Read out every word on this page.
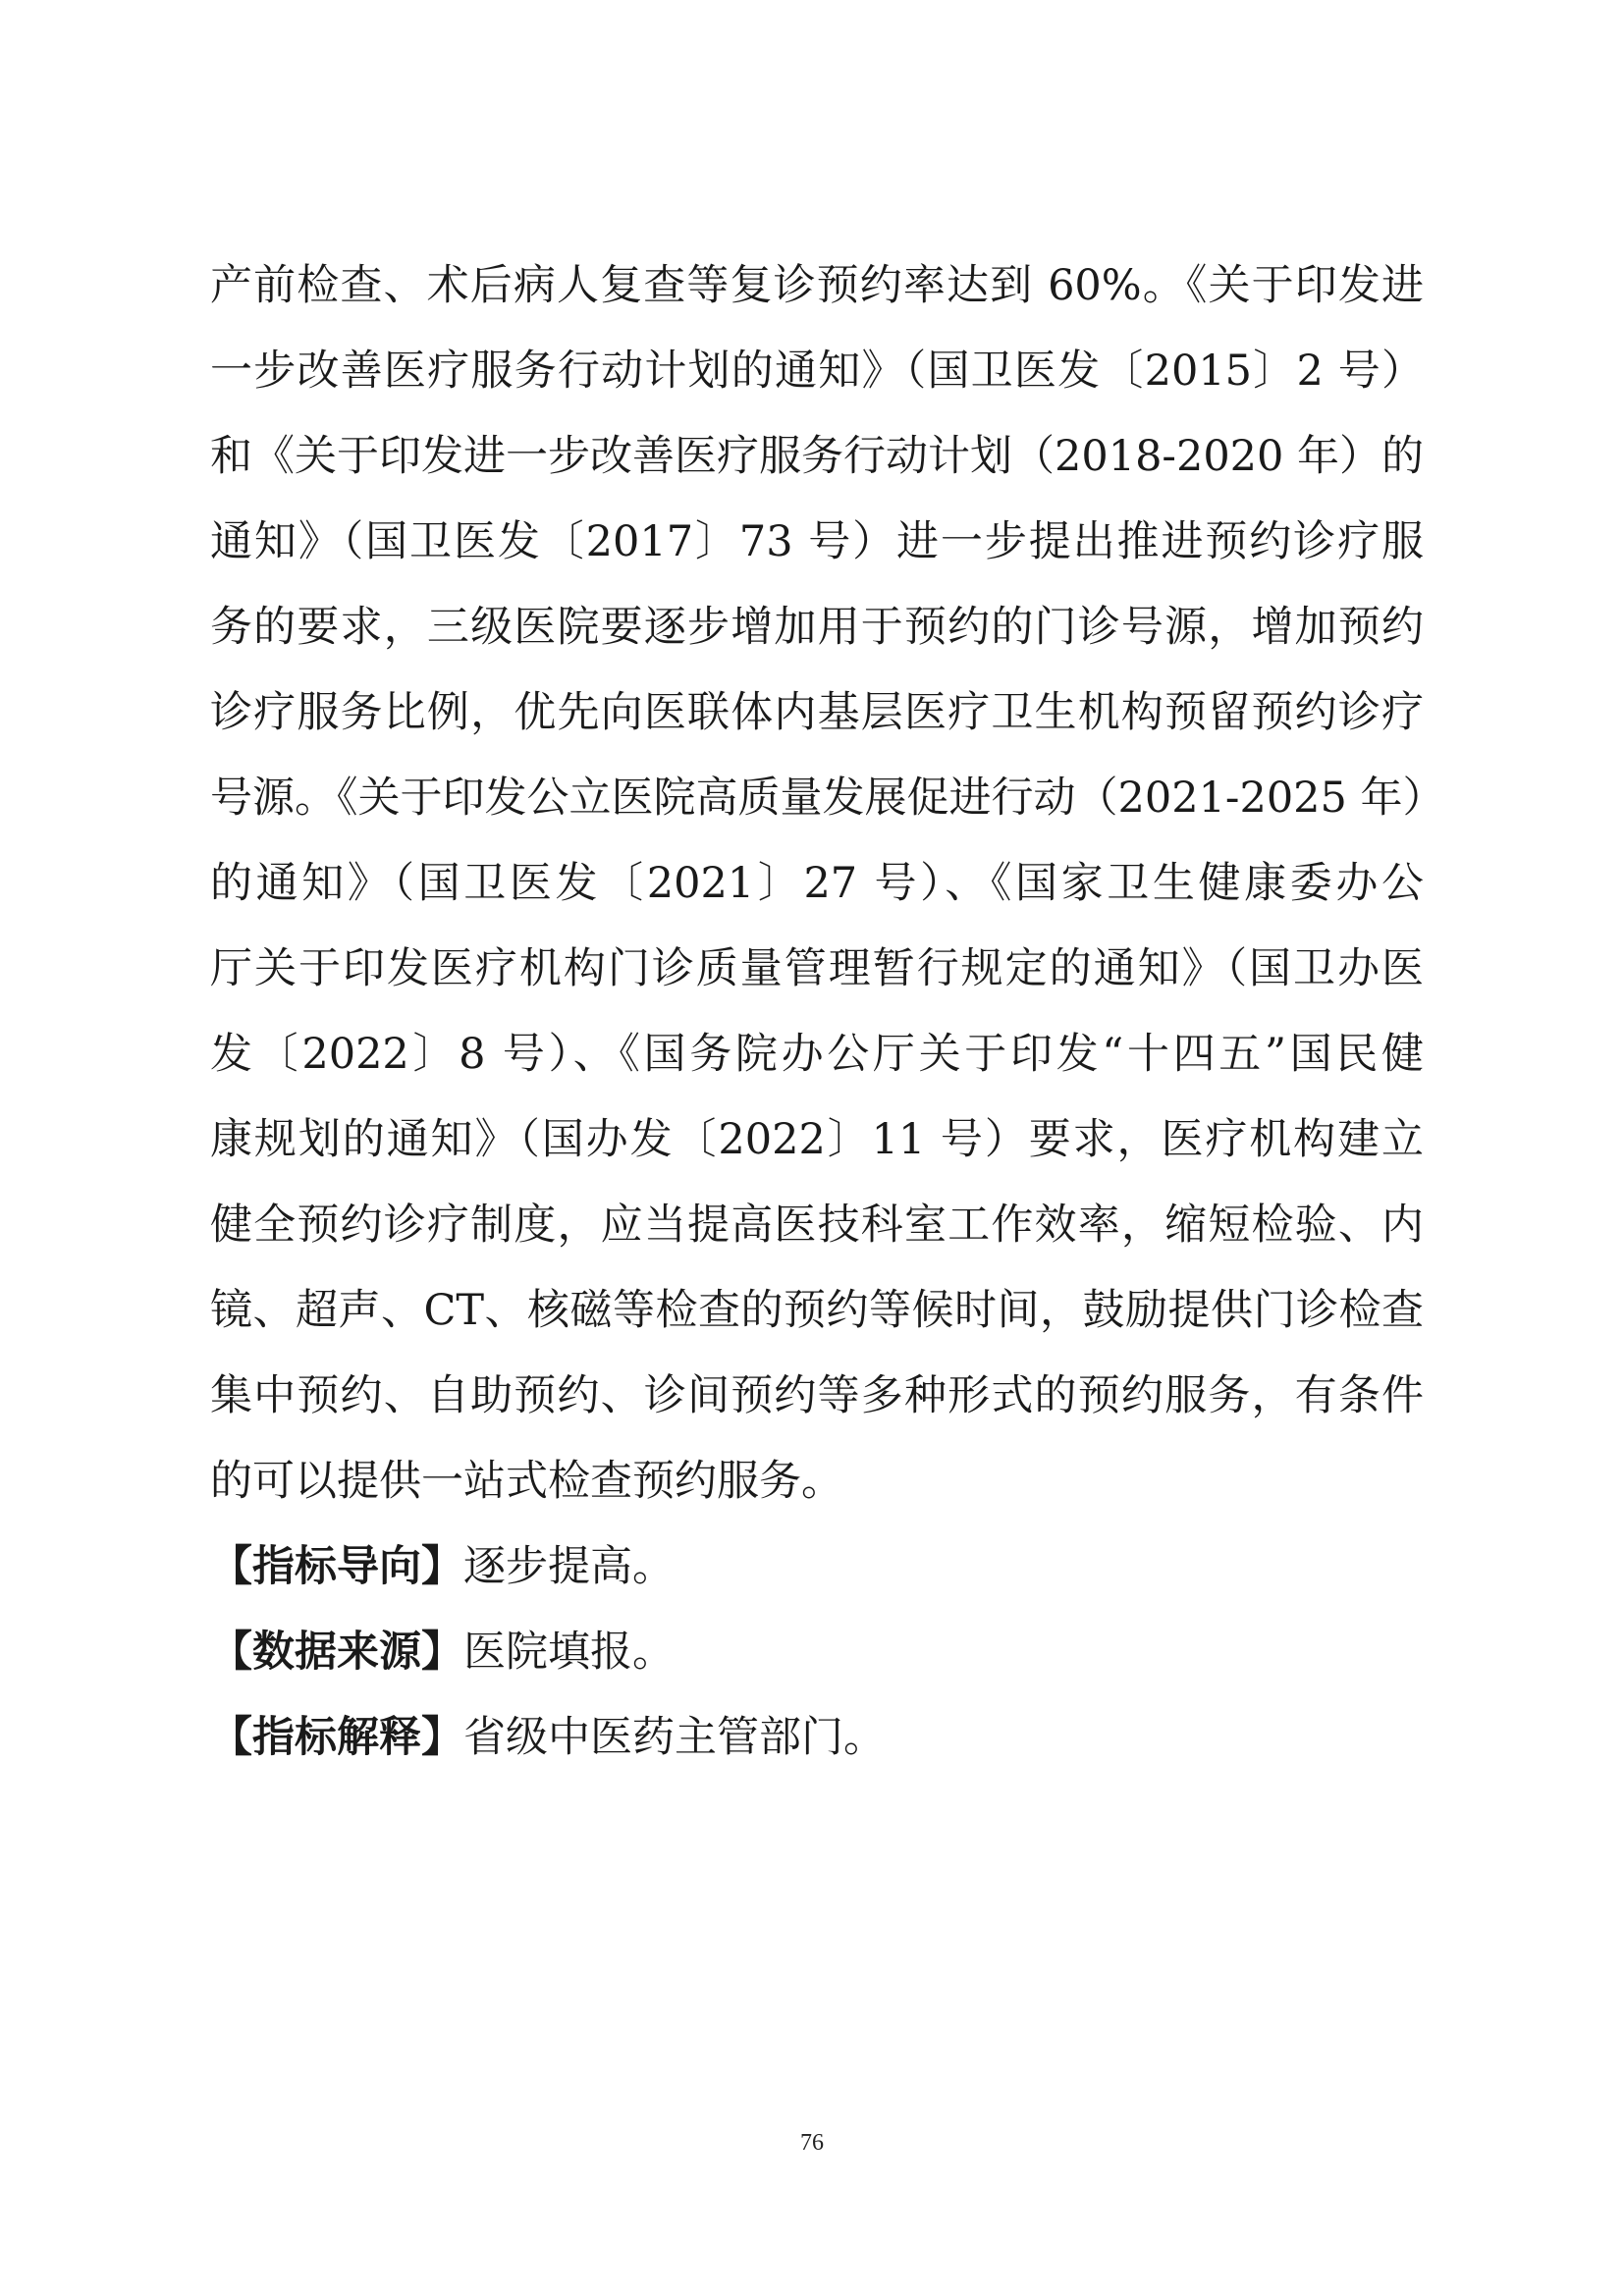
产前检查、术后病人复查等复诊预约率达到 60%。《关于印发进
一步改善医疗服务行动计划的通知》（国卫医发〔2015〕2 号）
和《关于印发进一步改善医疗服务行动计划（2018-2020 年）的
通知》（国卫医发〔2017〕73 号）进一步提出推进预约诊疗服
务的要求，三级医院要逐步增加用于预约的门诊号源，增加预约
诊疗服务比例，优先向医联体内基层医疗卫生机构预留预约诊疗
号源。《关于印发公立医院高质量发展促进行动（2021-2025 年）
的通知》（国卫医发〔2021〕27 号）、《国家卫生健康委办公
厅关于印发医疗机构门诊质量管理暂行规定的通知》（国卫办医
发〔2022〕8 号）、《国务院办公厅关于印发“十四五”国民健
康规划的通知》（国办发〔2022〕11 号）要求，医疗机构建立
健全预约诊疗制度，应当提高医技科室工作效率，缩短检验、内
镜、超声、CT、核磁等检查的预约等候时间，鼓励提供门诊检查
集中预约、自助预约、诊间预约等多种形式的预约服务，有条件
的可以提供一站式检查预约服务。
【指标导向】逐步提高。
【数据来源】医院填报。
【指标解释】省级中医药主管部门。
76
